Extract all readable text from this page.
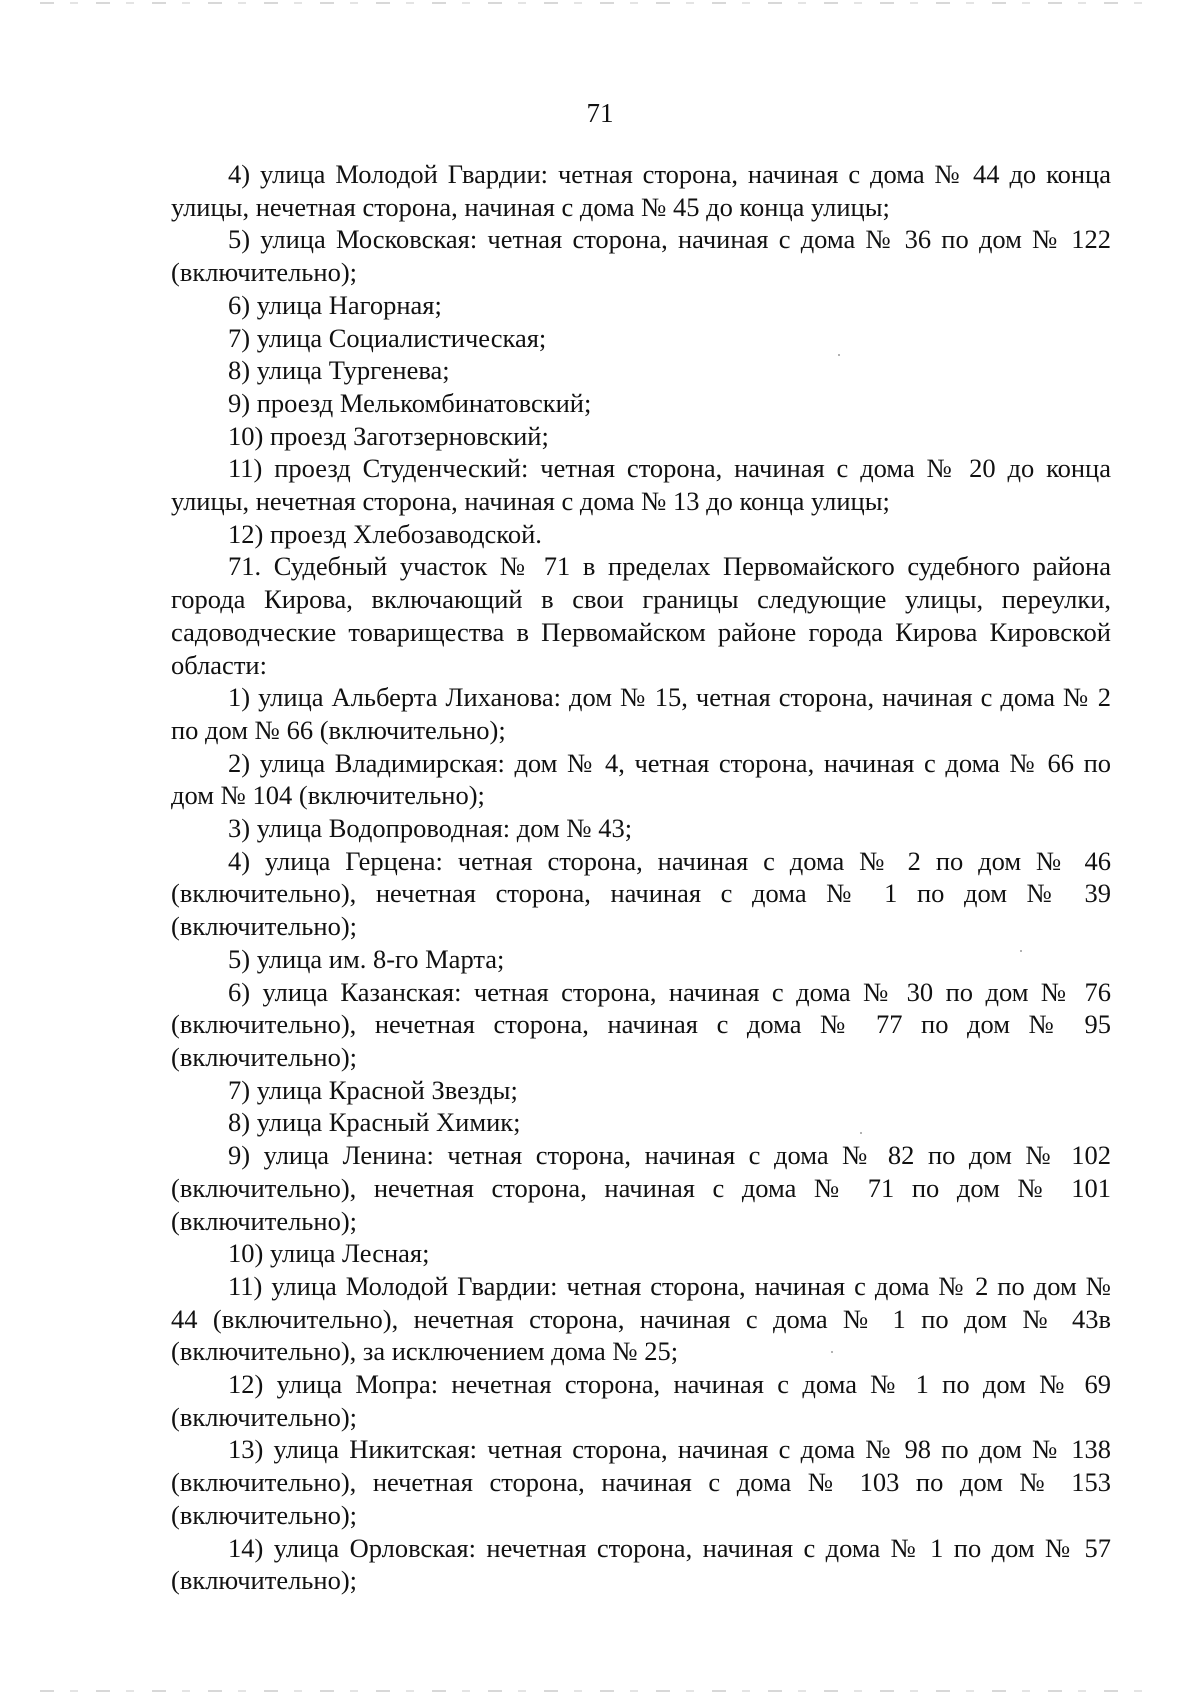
71

4) улица Молодой Гвардии: четная сторона, начиная с дома № 44 до конца улицы, нечетная сторона, начиная с дома № 45 до конца улицы;

5) улица Московская: четная сторона, начиная с дома № 36 по дом № 122 (включительно);

6) улица Нагорная;

7) улица Социалистическая;

8) улица Тургенева;

9) проезд Мелькомбинатовский;

10) проезд Заготзерновский;

11) проезд Студенческий: четная сторона, начиная с дома № 20 до конца улицы, нечетная сторона, начиная с дома № 13 до конца улицы;

12) проезд Хлебозаводской.

71. Судебный участок № 71 в пределах Первомайского судебного района города Кирова, включающий в свои границы следующие улицы, переулки, садоводческие товарищества в Первомайском районе города Кирова Кировской области:

1) улица Альберта Лиханова: дом № 15, четная сторона, начиная с дома № 2 по дом № 66 (включительно);

2) улица Владимирская: дом № 4, четная сторона, начиная с дома № 66 по дом № 104 (включительно);

3) улица Водопроводная: дом № 43;

4) улица Герцена: четная сторона, начиная с дома № 2 по дом № 46 (включительно), нечетная сторона, начиная с дома № 1 по дом № 39 (включительно);

5) улица им. 8-го Марта;

6) улица Казанская: четная сторона, начиная с дома № 30 по дом № 76 (включительно), нечетная сторона, начиная с дома № 77 по дом № 95 (включительно);

7) улица Красной Звезды;

8) улица Красный Химик;

9) улица Ленина: четная сторона, начиная с дома № 82 по дом № 102 (включительно), нечетная сторона, начиная с дома № 71 по дом № 101 (включительно);

10) улица Лесная;

11) улица Молодой Гвардии: четная сторона, начиная с дома № 2 по дом № 44 (включительно), нечетная сторона, начиная с дома № 1 по дом № 43в (включительно), за исключением дома № 25;

12) улица Мопра: нечетная сторона, начиная с дома № 1 по дом № 69 (включительно);

13) улица Никитская: четная сторона, начиная с дома № 98 по дом № 138 (включительно), нечетная сторона, начиная с дома № 103 по дом № 153 (включительно);

14) улица Орловская: нечетная сторона, начиная с дома № 1 по дом № 57 (включительно);
